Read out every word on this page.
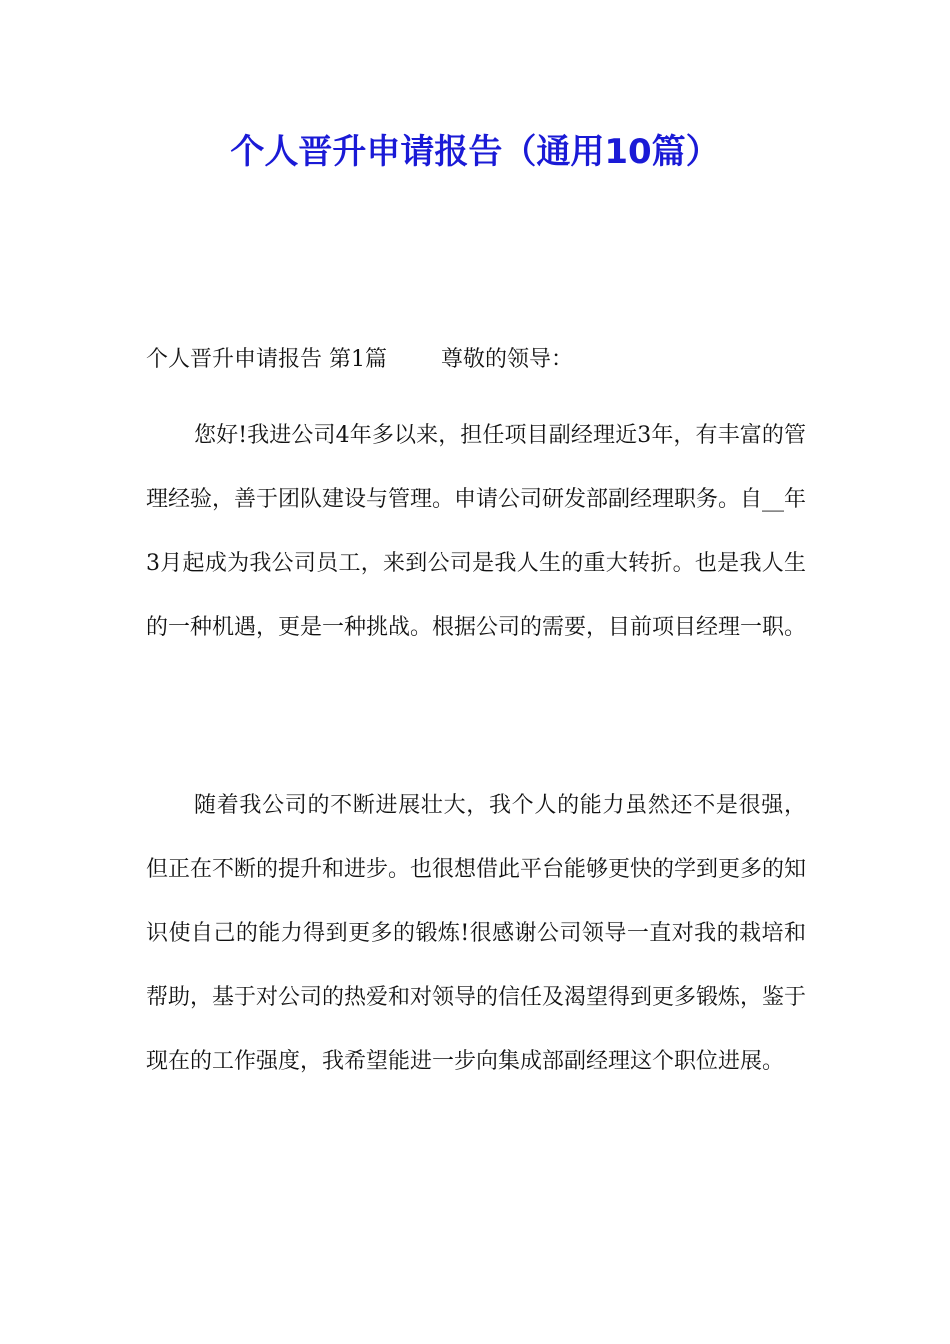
个人晋升申请报告（通用10篇）
个人晋升申请报告 第1篇 尊敬的领导：

您好!我进公司4年多以来，担任项目副经理近3年，有丰富的管理经验，善于团队建设与管理。申请公司研发部副经理职务。自__年3月起成为我公司员工，来到公司是我人生的重大转折。也是我人生的一种机遇，更是一种挑战。根据公司的需要，目前项目经理一职。

随着我公司的不断进展壮大，我个人的能力虽然还不是很强，但正在不断的提升和进步。也很想借此平台能够更快的学到更多的知识使自己的能力得到更多的锻炼!很感谢公司领导一直对我的栽培和帮助，基于对公司的热爱和对领导的信任及渴望得到更多锻炼，鉴于现在的工作强度，我希望能进一步向集成部副经理这个职位进展。
